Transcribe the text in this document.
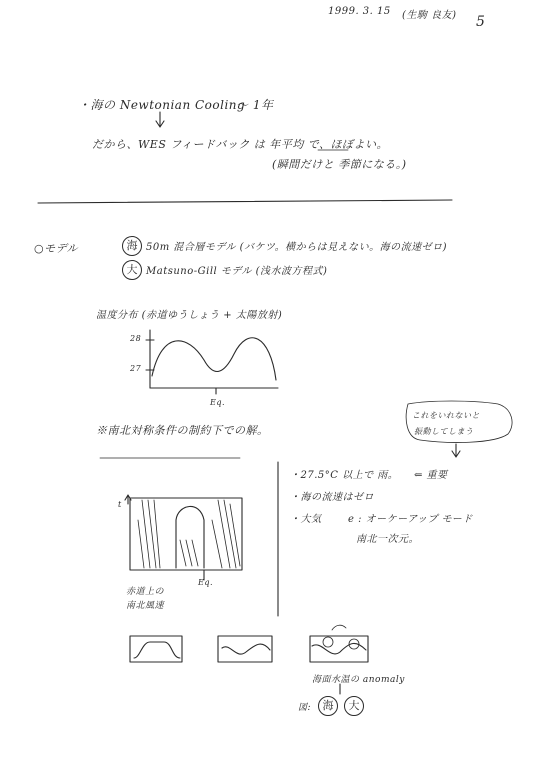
1999. 3. 15 (生駒 良友) 5
・海の Newtonian Cooling
〜 1年
だから、WES フィードバック は 年平均 で、ほぼよい。
(瞬間だけと 季節になる。)
○モデル	海 50m 混合層モデル (バケツ。横からは見えない。海の流速ゼロ)
大 Matsuno-Gill モデル (浅水波方程式)
温度分布 (赤道ゆうしょう + 太陽放射)
28
27
Eq.
※南北対称条件の制約下での解。
これをいれないと
振動してしまう
・27.5°C 以上で 雨。 ⇐ 重要
・海の流速はゼロ
・大気	e : オーケーアップ モード
南北一次元。
t
Eq.
赤道上の
南北風速
海面水温の anomaly
図:	海	大
